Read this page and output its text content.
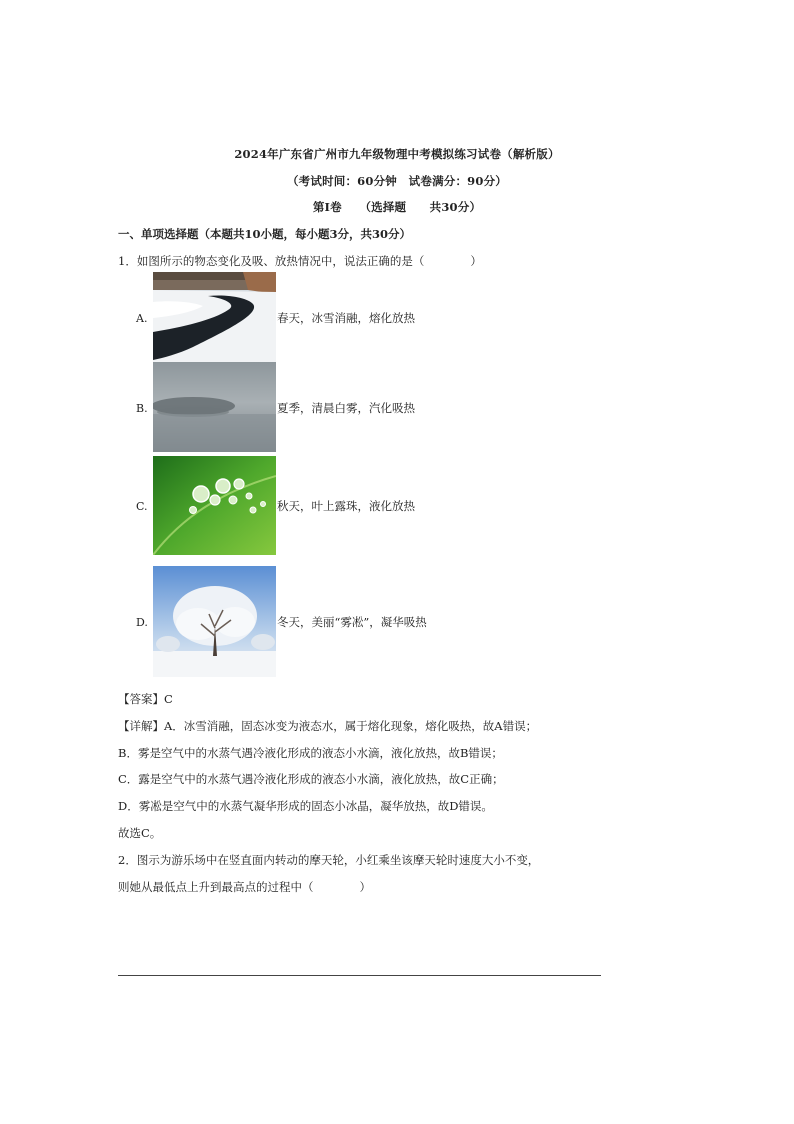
2024年广东省广州市九年级物理中考模拟练习试卷（解析版）
（考试时间：60分钟　试卷满分：90分）
第Ⅰ卷　　（选择题　　共30分）
一、单项选择题（本题共10小题，每小题3分，共30分）
1．如图所示的物态变化及吸、放热情况中，说法正确的是（　　　　）
A.	春天，冰雪消融，熔化放热
B.	夏季，清晨白雾，汽化吸热
C.	秋天，叶上露珠，液化放热
D.	冬天，美丽“雾凇”，凝华吸热
【答案】C
【详解】A．冰雪消融，固态冰变为液态水，属于熔化现象，熔化吸热，故A错误；
B．雾是空气中的水蒸气遇冷液化形成的液态小水滴，液化放热，故B错误；
C．露是空气中的水蒸气遇冷液化形成的液态小水滴，液化放热，故C正确；
D．雾凇是空气中的水蒸气凝华形成的固态小冰晶，凝华放热，故D错误。
故选C。
2．图示为游乐场中在竖直面内转动的摩天轮，小红乘坐该摩天轮时速度大小不变，
则她从最低点上升到最高点的过程中（　　　　）
